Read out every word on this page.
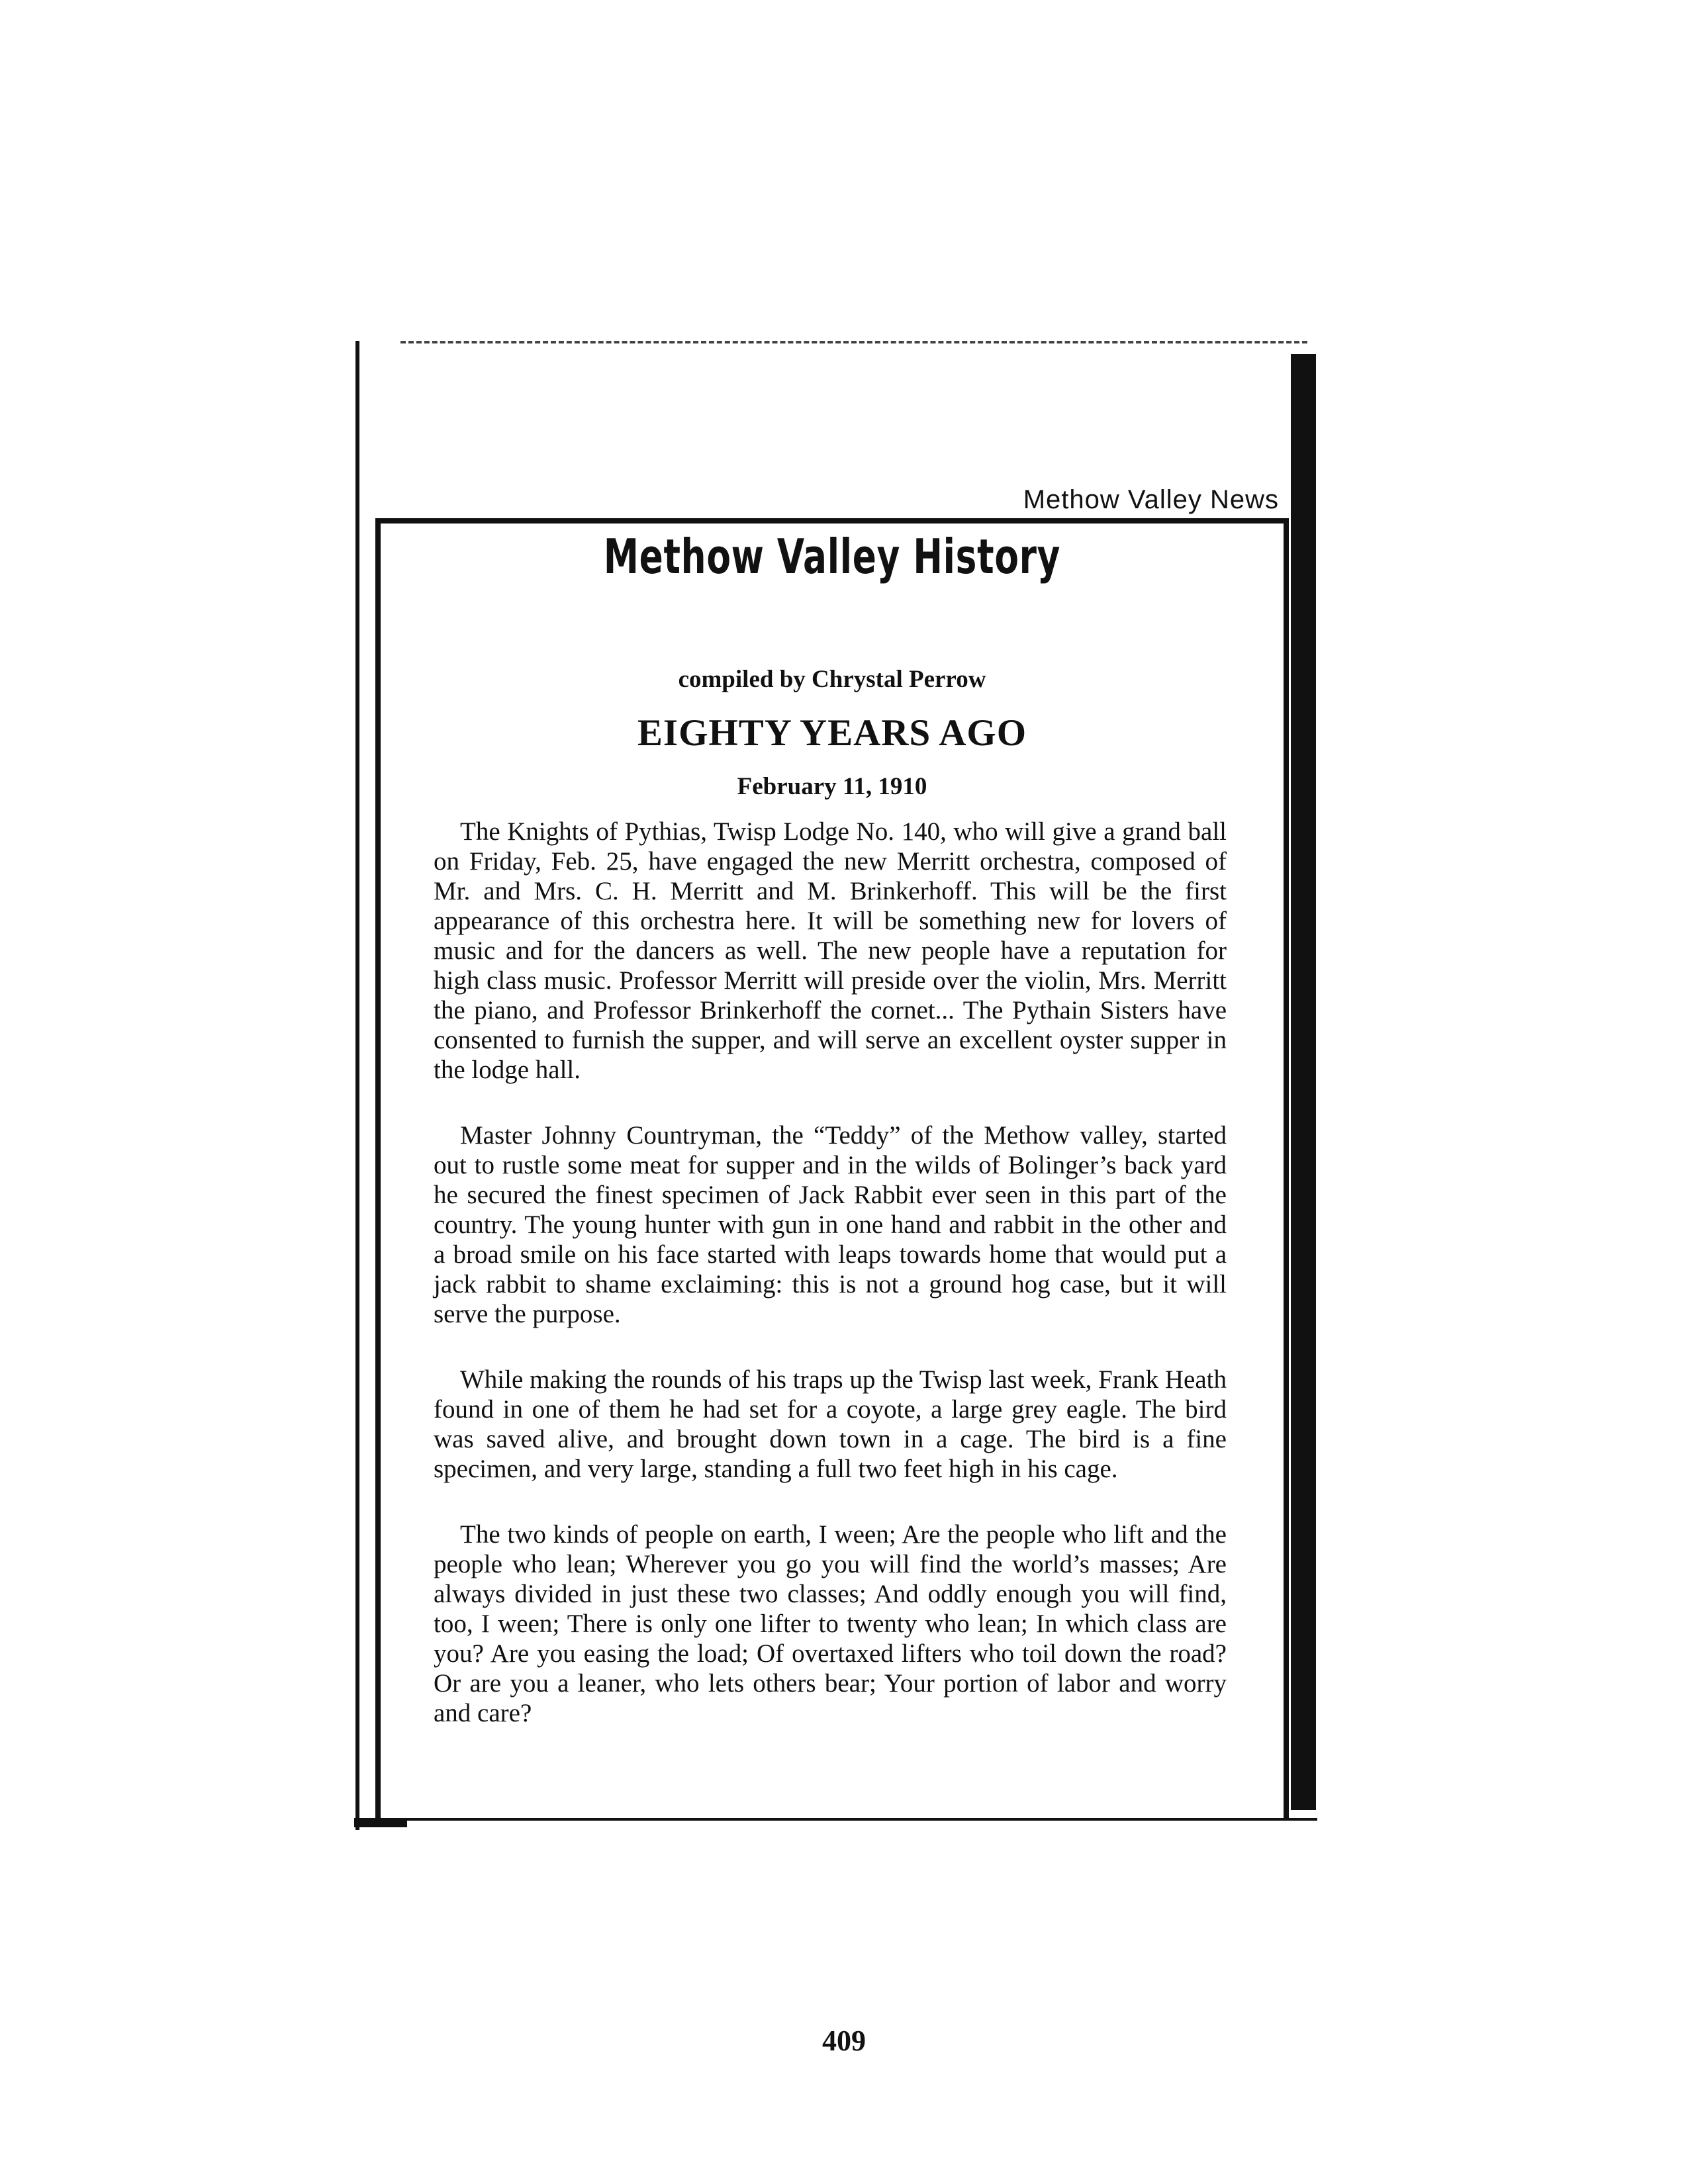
Methow Valley News
Methow Valley History
compiled by Chrystal Perrow
EIGHTY YEARS AGO
February 11, 1910

The Knights of Pythias, Twisp Lodge No. 140, who will give a grand ball on Friday, Feb. 25, have engaged the new Merritt orchestra, composed of Mr. and Mrs. C. H. Merritt and M. Brinkerhoff. This will be the first appearance of this orchestra here. It will be something new for lovers of music and for the dancers as well. The new people have a reputation for high class music. Professor Merritt will preside over the violin, Mrs. Merritt the piano, and Professor Brinkerhoff the cornet... The Pythain Sisters have consented to furnish the supper, and will serve an excellent oyster supper in the lodge hall.

Master Johnny Countryman, the “Teddy” of the Methow valley, started out to rustle some meat for supper and in the wilds of Bolinger’s back yard he secured the finest specimen of Jack Rabbit ever seen in this part of the country. The young hunter with gun in one hand and rabbit in the other and a broad smile on his face started with leaps towards home that would put a jack rabbit to shame exclaiming: this is not a ground hog case, but it will serve the purpose.

While making the rounds of his traps up the Twisp last week, Frank Heath found in one of them he had set for a coyote, a large grey eagle. The bird was saved alive, and brought down town in a cage. The bird is a fine specimen, and very large, standing a full two feet high in his cage.

The two kinds of people on earth, I ween; Are the people who lift and the people who lean; Wherever you go you will find the world’s masses; Are always divided in just these two classes; And oddly enough you will find, too, I ween; There is only one lifter to twenty who lean; In which class are you? Are you easing the load; Of overtaxed lifters who toil down the road? Or are you a leaner, who lets others bear; Your portion of labor and worry and care?

409
